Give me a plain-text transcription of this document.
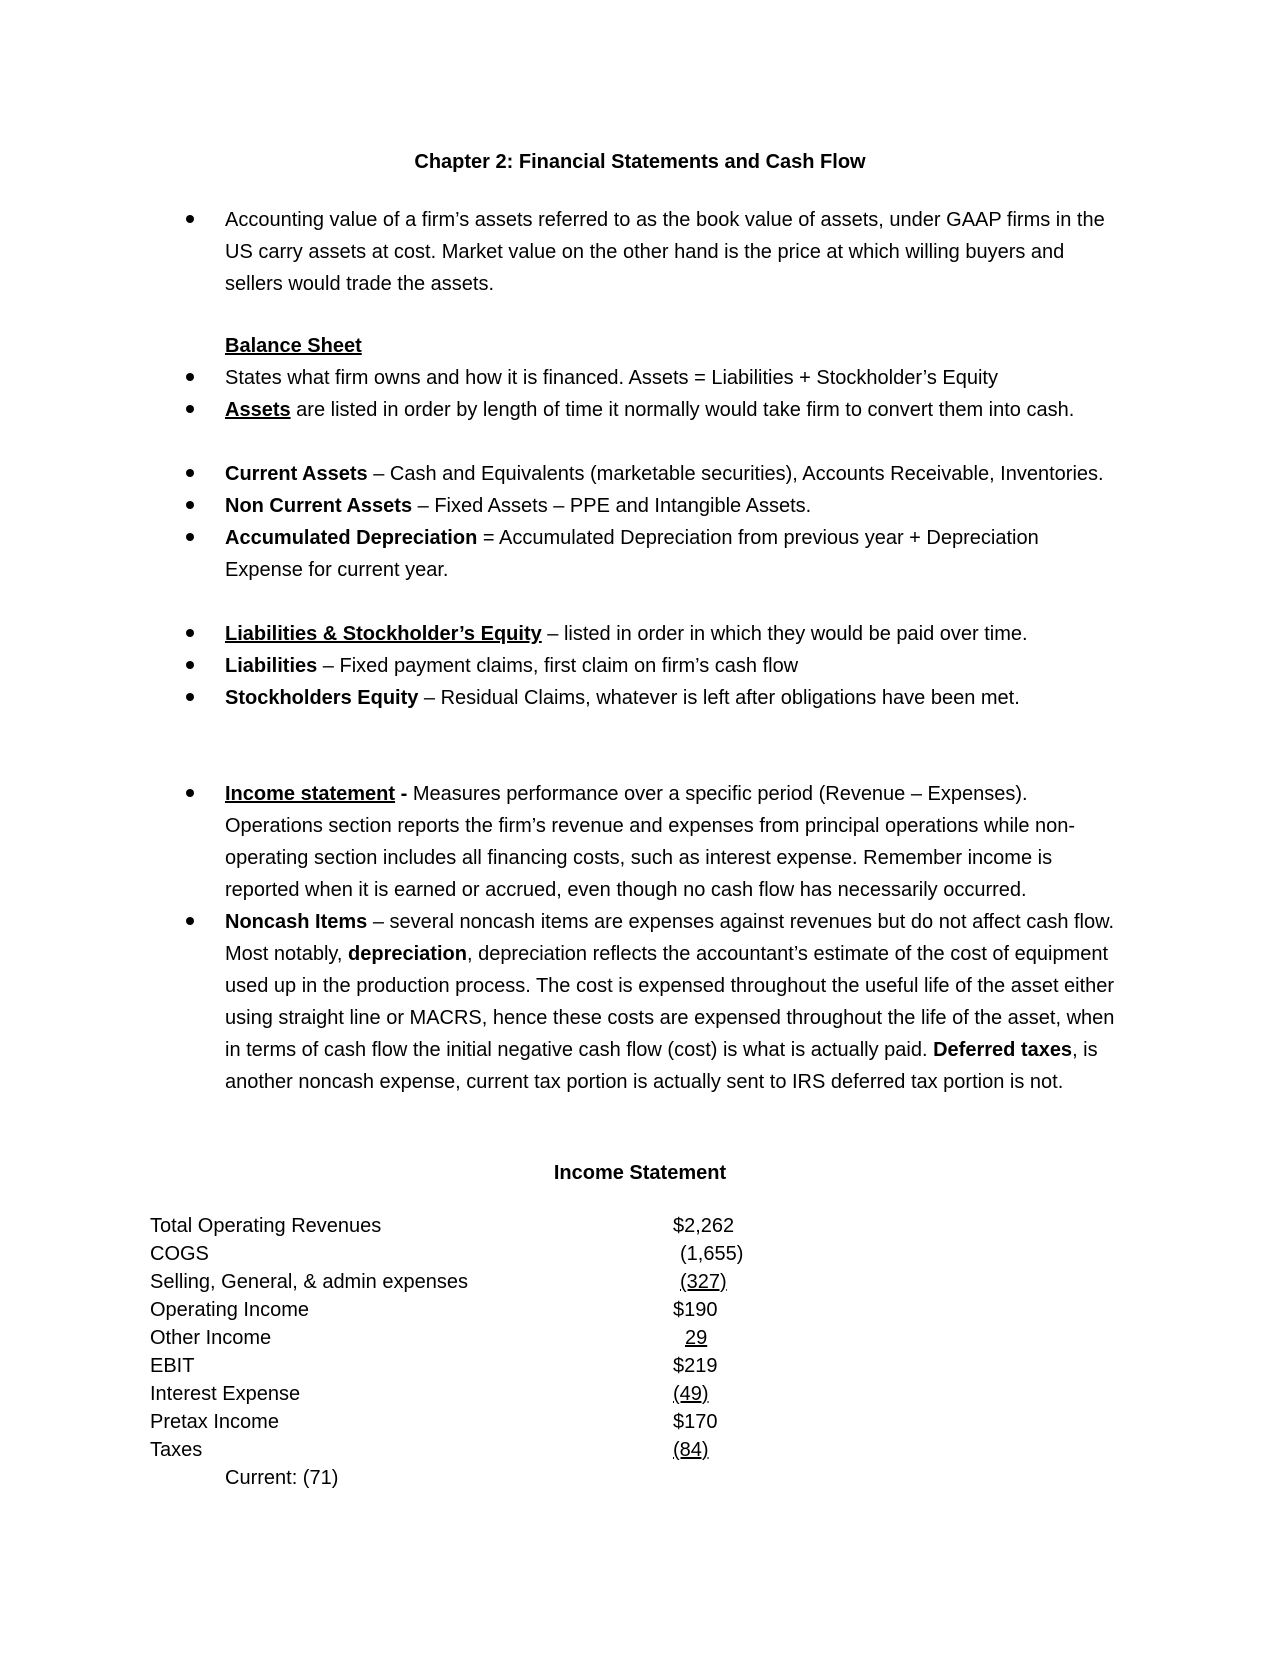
Chapter 2: Financial Statements and Cash Flow
Accounting value of a firm’s assets referred to as the book value of assets, under GAAP firms in the US carry assets at cost. Market value on the other hand is the price at which willing buyers and sellers would trade the assets.
Balance Sheet
States what firm owns and how it is financed. Assets = Liabilities + Stockholder’s Equity
Assets are listed in order by length of time it normally would take firm to convert them into cash.
Current Assets – Cash and Equivalents (marketable securities), Accounts Receivable, Inventories.
Non Current Assets – Fixed Assets – PPE and Intangible Assets.
Accumulated Depreciation = Accumulated Depreciation from previous year + Depreciation Expense for current year.
Liabilities & Stockholder’s Equity – listed in order in which they would be paid over time.
Liabilities – Fixed payment claims, first claim on firm’s cash flow
Stockholders Equity – Residual Claims, whatever is left after obligations have been met.
Income statement - Measures performance over a specific period (Revenue – Expenses). Operations section reports the firm’s revenue and expenses from principal operations while non-operating section includes all financing costs, such as interest expense. Remember income is reported when it is earned or accrued, even though no cash flow has necessarily occurred.
Noncash Items – several noncash items are expenses against revenues but do not affect cash flow. Most notably, depreciation, depreciation reflects the accountant’s estimate of the cost of equipment used up in the production process. The cost is expensed throughout the useful life of the asset either using straight line or MACRS, hence these costs are expensed throughout the life of the asset, when in terms of cash flow the initial negative cash flow (cost) is what is actually paid. Deferred taxes, is another noncash expense, current tax portion is actually sent to IRS deferred tax portion is not.
Income Statement
Total Operating Revenues	$2,262
COGS	(1,655)
Selling, General, & admin expenses	(327)
Operating Income	$190
Other Income	29
EBIT	$219
Interest Expense	(49)
Pretax Income	$170
Taxes	(84)
Current: (71)
